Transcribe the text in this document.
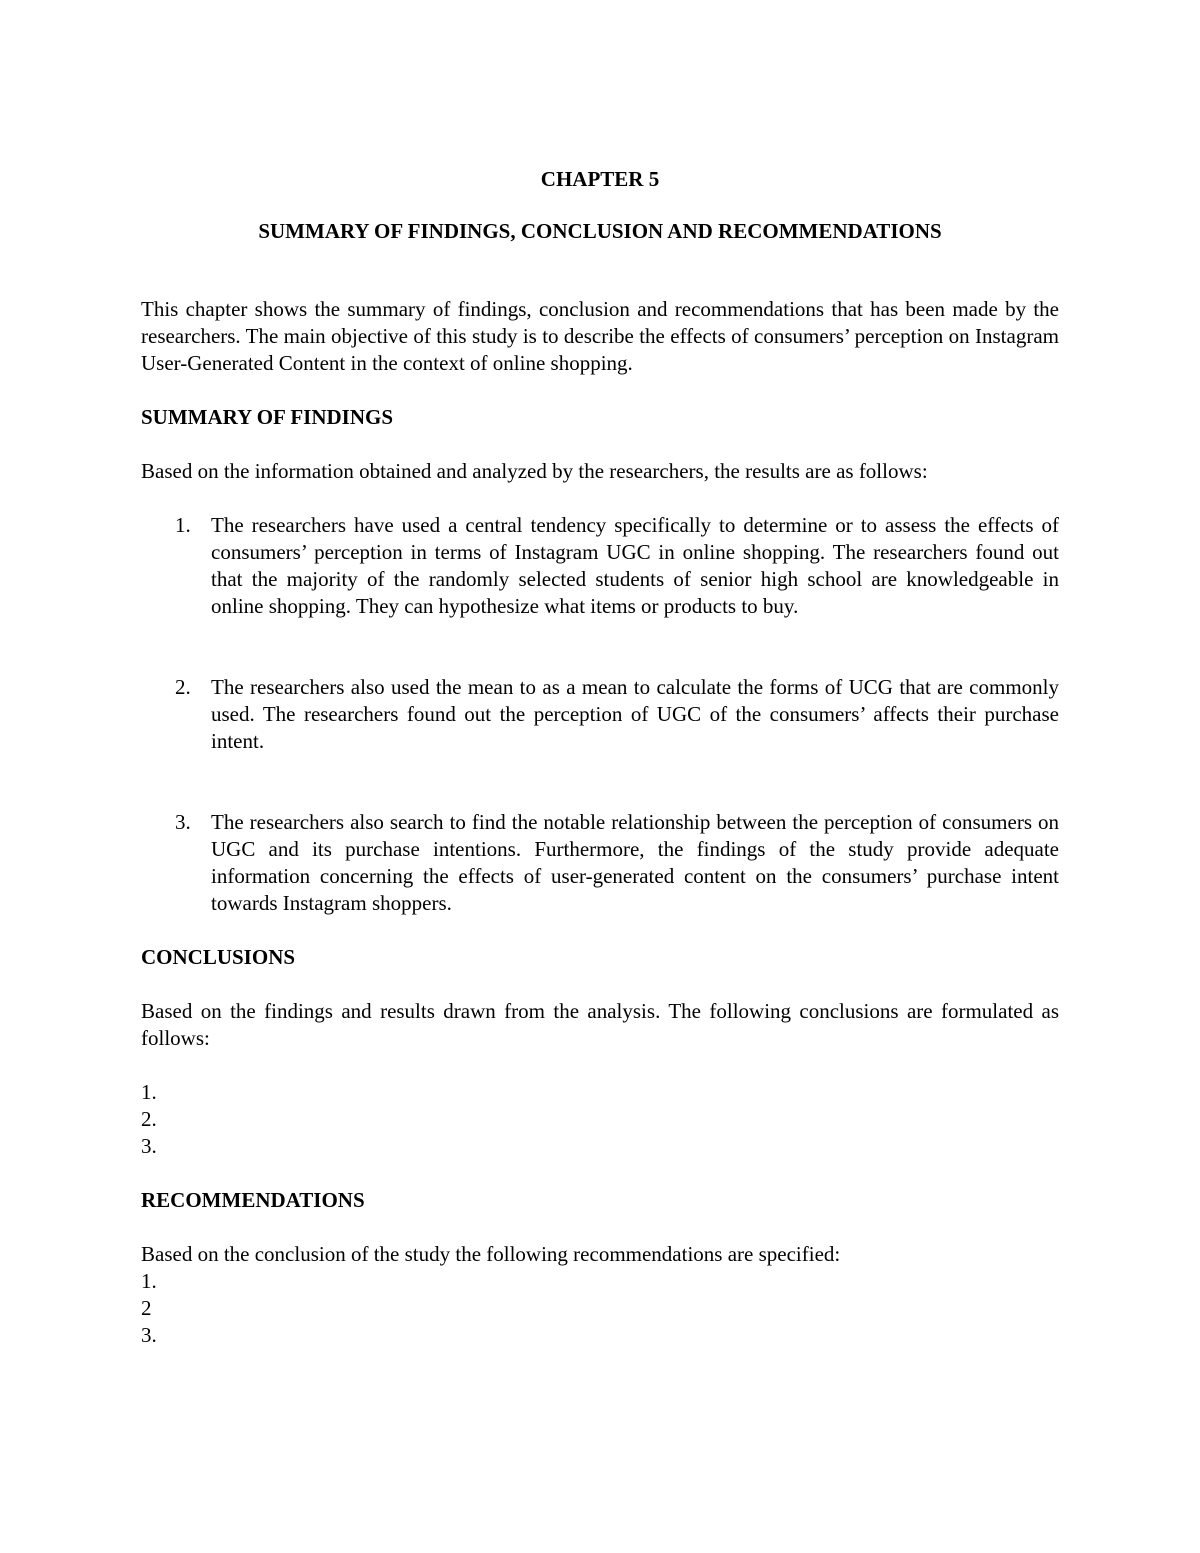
CHAPTER 5
SUMMARY OF FINDINGS, CONCLUSION AND RECOMMENDATIONS
This chapter shows the summary of findings, conclusion and recommendations that has been made by the researchers. The main objective of this study is to describe the effects of consumers’ perception on Instagram User-Generated Content in the context of online shopping.
SUMMARY OF FINDINGS
Based on the information obtained and analyzed by the researchers, the results are as follows:
1. The researchers have used a central tendency specifically to determine or to assess the effects of consumers’ perception in terms of Instagram UGC in online shopping. The researchers found out that the majority of the randomly selected students of senior high school are knowledgeable in online shopping. They can hypothesize what items or products to buy.
2. The researchers also used the mean to as a mean to calculate the forms of UCG that are commonly used. The researchers found out the perception of UGC of the consumers’ affects their purchase intent.
3. The researchers also search to find the notable relationship between the perception of consumers on UGC and its purchase intentions. Furthermore, the findings of the study provide adequate information concerning the effects of user-generated content on the consumers’ purchase intent towards Instagram shoppers.
CONCLUSIONS
Based on the findings and results drawn from the analysis. The following conclusions are formulated as follows:
1.
2.
3.
RECOMMENDATIONS
Based on the conclusion of the study the following recommendations are specified:
1.
2
3.
